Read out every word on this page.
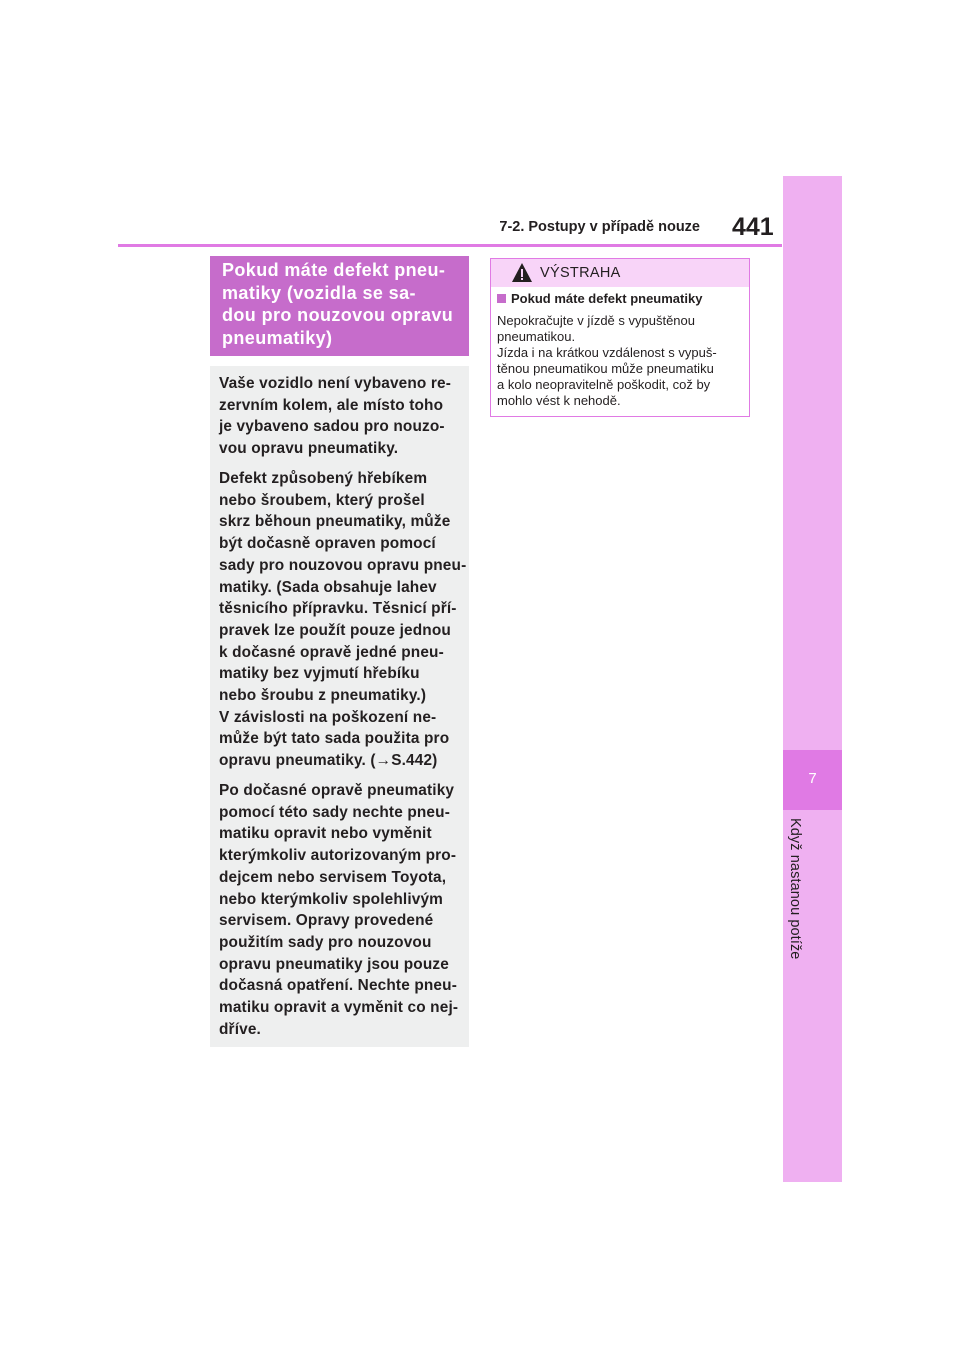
7
Když nastanou potíže
7-2. Postupy v případě nouze 441
Pokud máte defekt pneu-
matiky (vozidla se sa-
dou pro nouzovou opravu
pneumatiky)
Vaše vozidlo není vybaveno re-
zervním kolem, ale místo toho
je vybaveno sadou pro nouzo-
vou opravu pneumatiky.
Defekt způsobený hřebíkem
nebo šroubem, který prošel
skrz běhoun pneumatiky, může
být dočasně opraven pomocí
sady pro nouzovou opravu pneu-
matiky. (Sada obsahuje lahev
těsnicího přípravku. Těsnicí pří-
pravek lze použít pouze jednou
k dočasné opravě jedné pneu-
matiky bez vyjmutí hřebíku
nebo šroubu z pneumatiky.)
V závislosti na poškození ne-
může být tato sada použita pro
opravu pneumatiky. (→S.442)
Po dočasné opravě pneumatiky
pomocí této sady nechte pneu-
matiku opravit nebo vyměnit
kterýmkoliv autorizovaným pro-
dejcem nebo servisem Toyota,
nebo kterýmkoliv spolehlivým
servisem. Opravy provedené
použitím sady pro nouzovou
opravu pneumatiky jsou pouze
dočasná opatření. Nechte pneu-
matiku opravit a vyměnit co nej-
dříve.
VÝSTRAHA
Pokud máte defekt pneumatiky
Nepokračujte v jízdě s vypuštěnou
pneumatikou.
Jízda i na krátkou vzdálenost s vypuš-
těnou pneumatikou může pneumatiku
a kolo neopravitelně poškodit, což by
mohlo vést k nehodě.
